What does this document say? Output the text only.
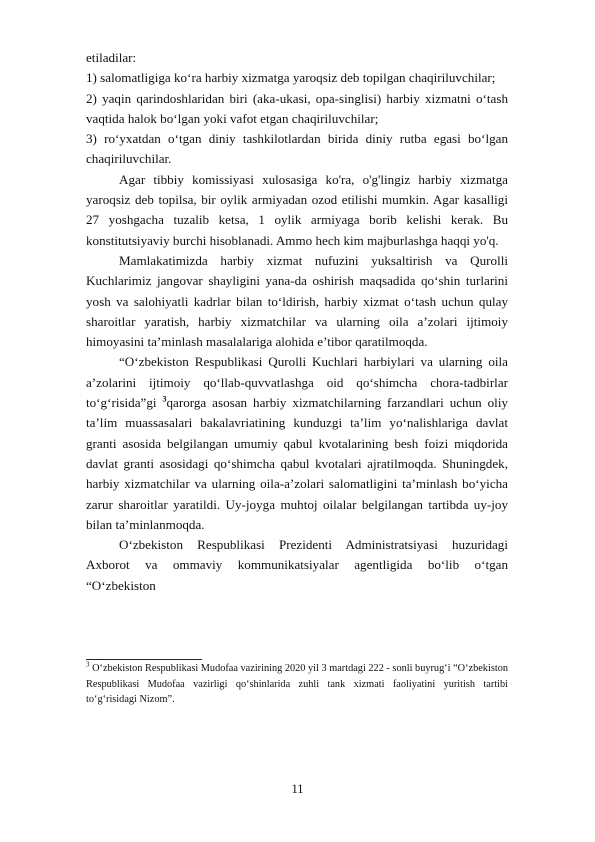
etiladilar:

1) salomatligiga ko‘ra harbiy xizmatga yaroqsiz deb topilgan chaqiriluvchilar;

2) yaqin qarindoshlaridan biri (aka-ukasi, opa-singlisi) harbiy xizmatni o‘tash vaqtida halok bo‘lgan yoki vafot etgan chaqiriluvchilar;

3) ro‘yxatdan o‘tgan diniy tashkilotlardan birida diniy rutba egasi bo‘lgan chaqiriluvchilar.

Agar tibbiy komissiyasi xulosasiga ko'ra, o'g'lingiz harbiy xizmatga yaroqsiz deb topilsa, bir oylik armiyadan ozod etilishi mumkin. Agar kasalligi 27 yoshgacha tuzalib ketsa, 1 oylik armiyaga borib kelishi kerak. Bu konstitutsiyaviy burchi hisoblanadi. Ammo hech kim majburlashga haqqi yo'q.

Mamlakatimizda harbiy xizmat nufuzini yuksaltirish va Qurolli Kuchlarimiz jangovar shayligini yana-da oshirish maqsadida qo‘shin turlarini yosh va salohiyatli kadrlar bilan to‘ldirish, harbiy xizmat o‘tash uchun qulay sharoitlar yaratish, harbiy xizmatchilar va ularning oila a’zolari ijtimoiy himoyasini ta’minlash masalalariga alohida e’tibor qaratilmoqda.

“O‘zbekiston Respublikasi Qurolli Kuchlari harbiylari va ularning oila a’zolarini ijtimoiy qo‘llab-quvvatlashga oid qo‘shimcha chora-tadbirlar to‘g‘risida”gi $^3$qarorga asosan harbiy xizmatchilarning farzandlari uchun oliy ta’lim muassasalari bakalavriatining kunduzgi ta’lim yo‘nalishlariga davlat granti asosida belgilangan umumiy qabul kvotalarining besh foizi miqdorida davlat granti asosidagi qo‘shimcha qabul kvotalari ajratilmoqda. Shuningdek, harbiy xizmatchilar va ularning oila-a’zolari salomatligini ta’minlash bo‘yicha zarur sharoitlar yaratildi. Uy-joyga muhtoj oilalar belgilangan tartibda uy-joy bilan ta’minlanmoqda.

O‘zbekiston Respublikasi Prezidenti Administratsiyasi huzuridagi Axborot va ommaviy kommunikatsiyalar agentligida bo‘lib o‘tgan “O‘zbekiston

$^3$ O‘zbekiston Respublikasi Mudofaa vazirining 2020 yil 3 martdagi 222 - sonli buyrug‘i “O‘zbekiston Respublikasi Mudofaa vazirligi qo‘shinlarida zuhli tank xizmati faoliyatini yuritish tartibi to‘g‘risidagi Nizom”.

11
